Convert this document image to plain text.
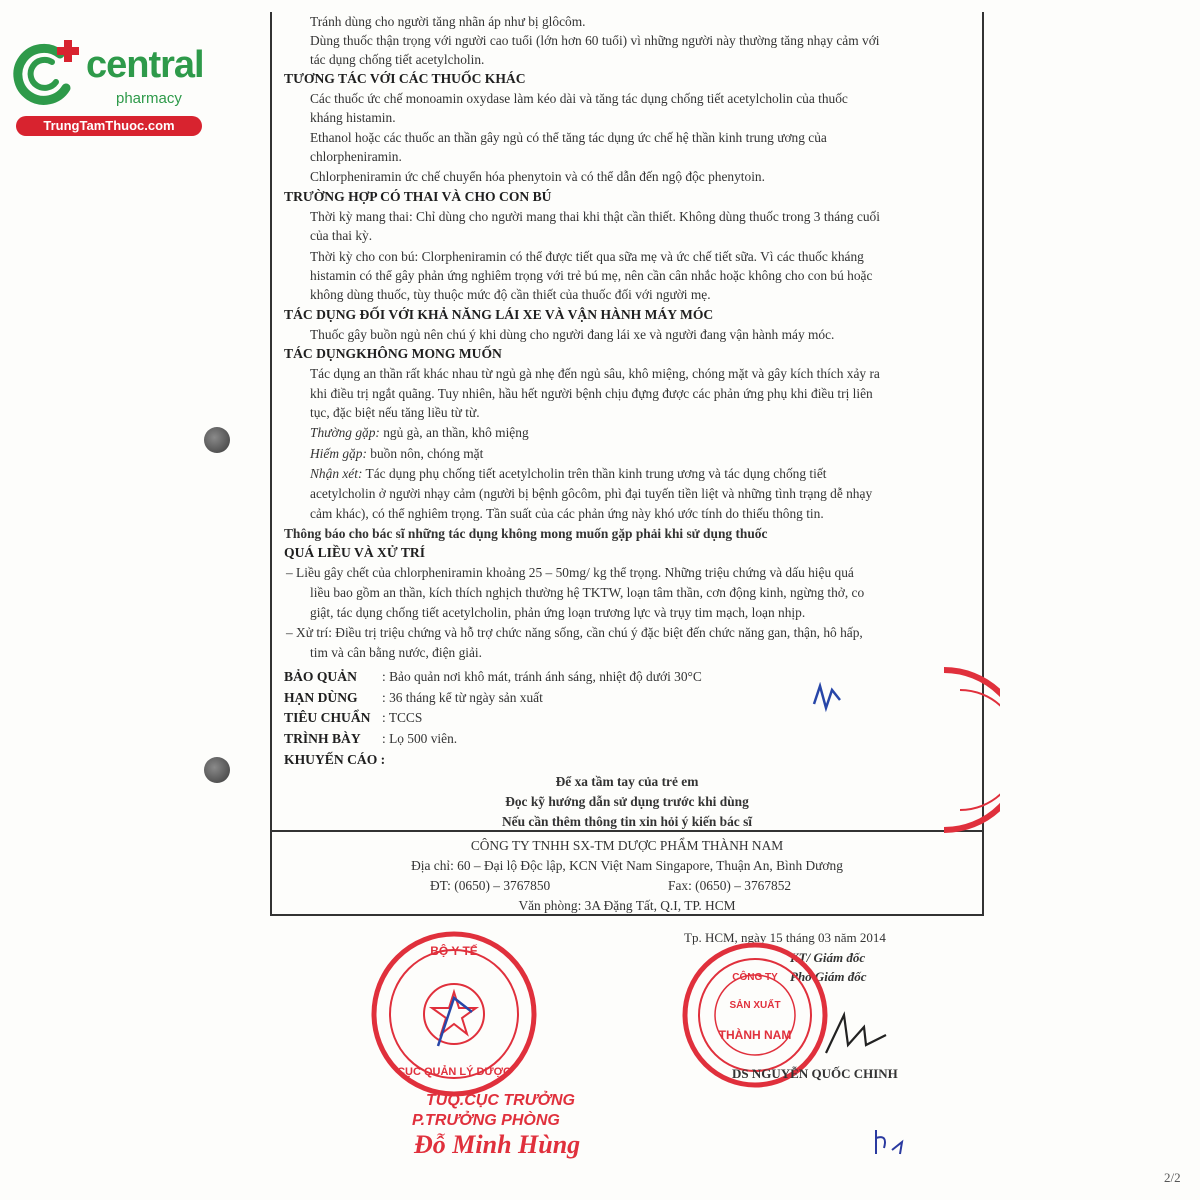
central
pharmacy
TrungTamThuoc.com
Tránh dùng cho người tăng nhãn áp như bị glôcôm.
Dùng thuốc thận trọng với người cao tuổi (lớn hơn 60 tuổi) vì những người này thường tăng nhạy cảm với
tác dụng chống tiết acetylcholin.
TƯƠNG TÁC VỚI CÁC THUỐC KHÁC
Các thuốc ức chế monoamin oxydase làm kéo dài và tăng tác dụng chống tiết acetylcholin của thuốc
kháng histamin.
Ethanol hoặc các thuốc an thần gây ngủ có thể tăng tác dụng ức chế hệ thần kinh trung ương của
chlorpheniramin.
Chlorpheniramin ức chế chuyển hóa phenytoin và có thể dẫn đến ngộ độc phenytoin.
TRƯỜNG HỢP CÓ THAI VÀ CHO CON BÚ
Thời kỳ mang thai: Chỉ dùng cho người mang thai khi thật cần thiết. Không dùng thuốc trong 3 tháng cuối
của thai kỳ.
Thời kỳ cho con bú: Clorpheniramin có thể được tiết qua sữa mẹ và ức chế tiết sữa. Vì các thuốc kháng
histamin có thể gây phản ứng nghiêm trọng với trẻ bú mẹ, nên cần cân nhắc hoặc không cho con bú hoặc
không dùng thuốc, tùy thuộc mức độ cần thiết của thuốc đối với người mẹ.
TÁC DỤNG ĐỐI VỚI KHẢ NĂNG LÁI XE VÀ VẬN HÀNH MÁY MÓC
Thuốc gây buồn ngủ nên chú ý khi dùng cho người đang lái xe và người đang vận hành máy móc.
TÁC DỤNGKHÔNG MONG MUỐN
Tác dụng an thần rất khác nhau từ ngủ gà nhẹ đến ngủ sâu, khô miệng, chóng mặt và gây kích thích xảy ra
khi điều trị ngắt quãng. Tuy nhiên, hầu hết người bệnh chịu đựng được các phản ứng phụ khi điều trị liên
tục, đặc biệt nếu tăng liều từ từ.
Thường gặp: ngủ gà, an thần, khô miệng
Hiếm gặp: buồn nôn, chóng mặt
Nhận xét: Tác dụng phụ chống tiết acetylcholin trên thần kinh trung ương và tác dụng chống tiết
acetylcholin ở người nhạy cảm (người bị bệnh gôcôm, phì đại tuyến tiền liệt và những tình trạng dễ nhạy
cảm khác), có thể nghiêm trọng. Tần suất của các phản ứng này khó ước tính do thiếu thông tin.
Thông báo cho bác sĩ những tác dụng không mong muốn gặp phải khi sử dụng thuốc
QUÁ LIỀU VÀ XỬ TRÍ
– Liều gây chết của chlorpheniramin khoảng 25 – 50mg/ kg thể trọng. Những triệu chứng và dấu hiệu quá
liều bao gồm an thần, kích thích nghịch thường hệ TKTW, loạn tâm thần, cơn động kinh, ngừng thở, co
giật, tác dụng chống tiết acetylcholin, phản ứng loạn trương lực và trụy tim mạch, loạn nhịp.
– Xử trí: Điều trị triệu chứng và hỗ trợ chức năng sống, cần chú ý đặc biệt đến chức năng gan, thận, hô hấp,
tim và cân bằng nước, điện giải.
BẢO QUẢN : Bảo quản nơi khô mát, tránh ánh sáng, nhiệt độ dưới 30°C
HẠN DÙNG : 36 tháng kể từ ngày sản xuất
TIÊU CHUẨN : TCCS
TRÌNH BÀY : Lọ 500 viên.
KHUYẾN CÁO :
Để xa tầm tay của trẻ em
Đọc kỹ hướng dẫn sử dụng trước khi dùng
Nếu cần thêm thông tin xin hỏi ý kiến bác sĩ
CÔNG TY TNHH SX-TM DƯỢC PHẨM THÀNH NAM
Địa chỉ: 60 – Đại lộ Độc lập, KCN Việt Nam Singapore, Thuận An, Bình Dương
ĐT: (0650) – 3767850	Fax: (0650) – 3767852
Văn phòng: 3A Đặng Tất, Q.I, TP. HCM
Tp. HCM, ngày 15 tháng 03 năm 2014
KT/ Giám đốc
Phó Giám đốc
CÔNG TY
SẢN XUẤT
THÀNH NAM
DS NGUYỄN QUỐC CHINH
BỘ Y TẾ
CỤC QUẢN LÝ DƯỢC
TUQ.CỤC TRƯỞNG
P.TRƯỞNG PHÒNG
Đỗ Minh Hùng
2/2
